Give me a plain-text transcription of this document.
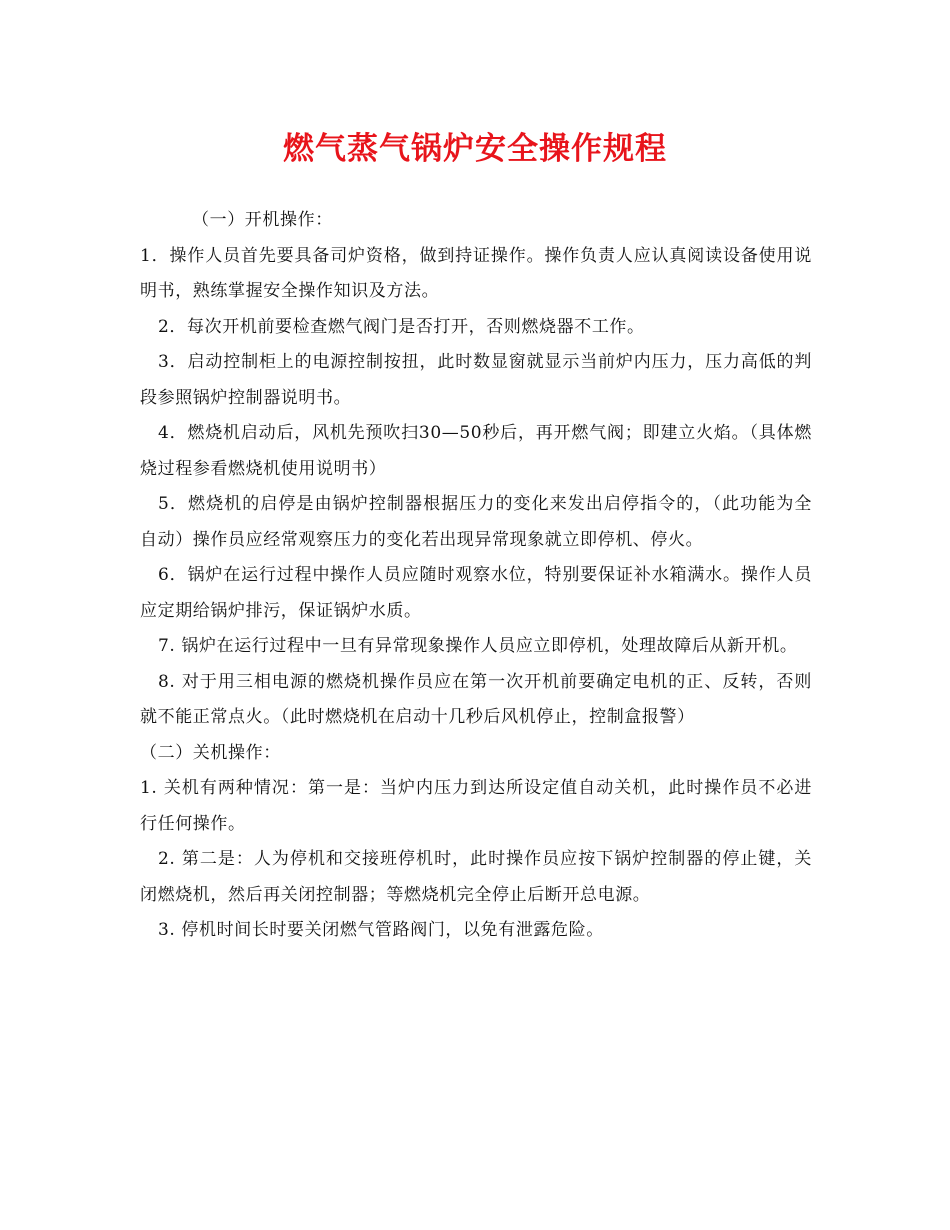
燃气蒸气锅炉安全操作规程

（一）开机操作：

1．操作人员首先要具备司炉资格，做到持证操作。操作负责人应认真阅读设备使用说明书，熟练掌握安全操作知识及方法。

2．每次开机前要检查燃气阀门是否打开，否则燃烧器不工作。

3．启动控制柜上的电源控制按扭，此时数显窗就显示当前炉内压力，压力高低的判段参照锅炉控制器说明书。

4．燃烧机启动后，风机先预吹扫30—50秒后，再开燃气阀；即建立火焰。（具体燃烧过程参看燃烧机使用说明书）

5．燃烧机的启停是由锅炉控制器根据压力的变化来发出启停指令的，（此功能为全自动）操作员应经常观察压力的变化若出现异常现象就立即停机、停火。

6．锅炉在运行过程中操作人员应随时观察水位，特别要保证补水箱满水。操作人员应定期给锅炉排污，保证锅炉水质。

7. 锅炉在运行过程中一旦有异常现象操作人员应立即停机，处理故障后从新开机。

8. 对于用三相电源的燃烧机操作员应在第一次开机前要确定电机的正、反转，否则就不能正常点火。（此时燃烧机在启动十几秒后风机停止，控制盒报警）

（二）关机操作：

1. 关机有两种情况：第一是：当炉内压力到达所设定值自动关机，此时操作员不必进行任何操作。

2. 第二是：人为停机和交接班停机时，此时操作员应按下锅炉控制器的停止键，关闭燃烧机，然后再关闭控制器；等燃烧机完全停止后断开总电源。

3. 停机时间长时要关闭燃气管路阀门，以免有泄露危险。
